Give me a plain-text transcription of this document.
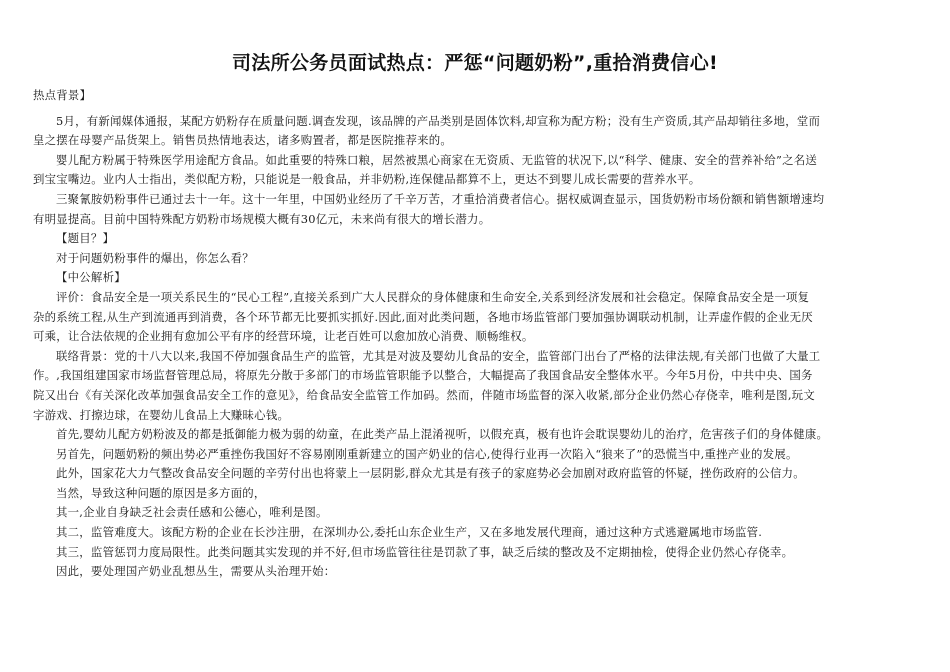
司法所公务员面试热点：严惩“问题奶粉”,重拾消费信心!
热点背景】
5月，有新闻媒体通报，某配方奶粉存在质量问题.调查发现，该品牌的产品类别是固体饮料,却宣称为配方粉；没有生产资质,其产品却销往多地，堂而
皇之摆在母婴产品货架上。销售员热情地表达，诸多购置者，都是医院推荐来的。
婴儿配方粉属于特殊医学用途配方食品。如此重要的特殊口粮，居然被黑心商家在无资质、无监管的状况下,以“科学、健康、安全的营养补给”之名送
到宝宝嘴边。业内人士指出，类似配方粉，只能说是一般食品，并非奶粉,连保健品都算不上，更达不到婴儿成长需要的营养水平。
三聚氰胺奶粉事件已通过去十一年。这十一年里，中国奶业经历了千辛万苦，才重拾消费者信心。据权威调查显示，国货奶粉市场份额和销售额增速均
有明显提高。目前中国特殊配方奶粉市场规模大概有30亿元，未来尚有很大的增长潜力。
【题目？】
对于问题奶粉事件的爆出，你怎么看？
【中公解析】
评价：食品安全是一项关系民生的“民心工程”,直接关系到广大人民群众的身体健康和生命安全,关系到经济发展和社会稳定。保障食品安全是一项复
杂的系统工程,从生产到流通再到消费，各个环节都无比要抓实抓好.因此,面对此类问题，各地市场监管部门要加强协调联动机制，让弄虚作假的企业无厌
可乘，让合法依规的企业拥有愈加公平有序的经营环境，让老百姓可以愈加放心消费、顺畅维权。
联络背景：党的十八大以来,我国不停加强食品生产的监管，尤其是对波及婴幼儿食品的安全，监管部门出台了严格的法律法规,有关部门也做了大量工
作。,我国组建国家市场监督管理总局，将原先分散于多部门的市场监管职能予以整合，大幅提高了我国食品安全整体水平。今年5月份，中共中央、国务
院又出台《有关深化改革加强食品安全工作的意见》，给食品安全监管工作加码。然而，伴随市场监督的深入收紧,部分企业仍然心存侥幸，唯利是图,玩文
字游戏、打擦边球，在婴幼儿食品上大赚昧心钱。
首先,婴幼儿配方奶粉波及的都是抵御能力极为弱的幼童，在此类产品上混淆视听，以假充真，极有也许会耽误婴幼儿的治疗，危害孩子们的身体健康。
另首先，问题奶粉的频出势必严重挫伤我国好不容易刚刚重新建立的国产奶业的信心,使得行业再一次陷入“狼来了”的恐慌当中,重挫产业的发展。
此外，国家花大力气整改食品安全问题的辛劳付出也将蒙上一层阴影,群众尤其是有孩子的家庭势必会加剧对政府监管的怀疑，挫伤政府的公信力。
当然，导致这种问题的原因是多方面的，
其一,企业自身缺乏社会责任感和公德心，唯利是图。
其二，监管难度大。该配方粉的企业在长沙注册，在深圳办公,委托山东企业生产，又在多地发展代理商，通过这种方式逃避属地市场监管.
其三，监管惩罚力度局限性。此类问题其实发现的并不好,但市场监管往往是罚款了事，缺乏后续的整改及不定期抽检，使得企业仍然心存侥幸。
因此，要处理国产奶业乱想丛生，需要从头治理开始：
